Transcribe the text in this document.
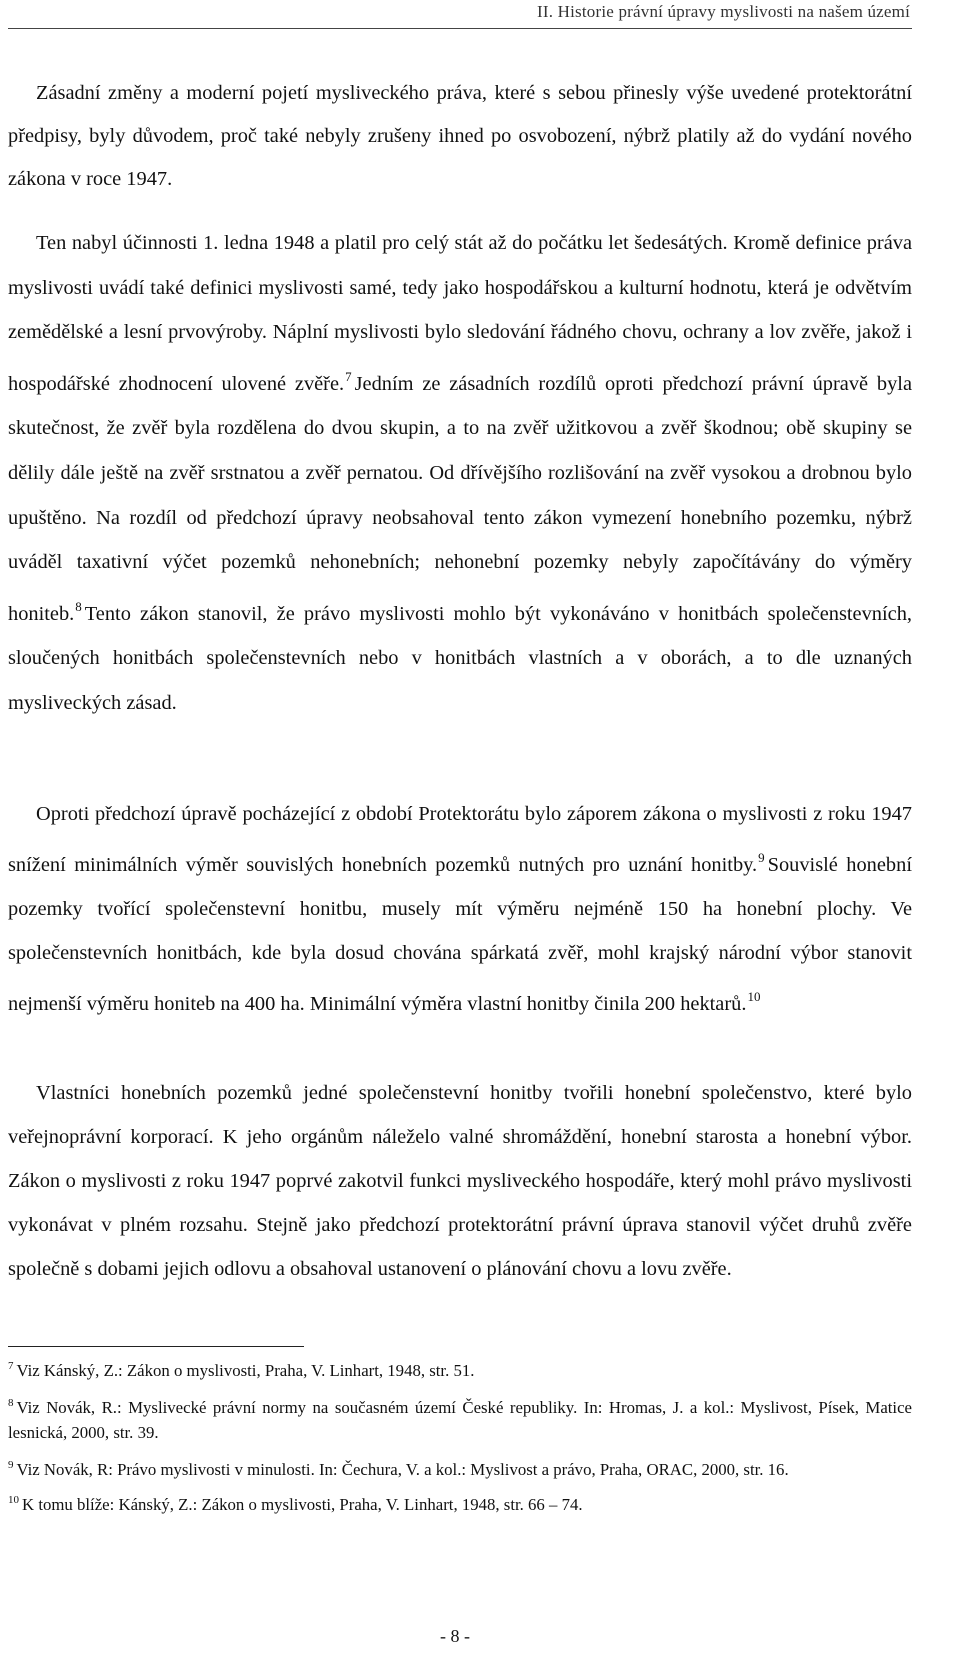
II. Historie právní úpravy myslivosti na našem území

Zásadní změny a moderní pojetí mysliveckého práva, které s sebou přinesly výše uvedené protektorátní předpisy, byly důvodem, proč také nebyly zrušeny ihned po osvobození, nýbrž platily až do vydání nového zákona v roce 1947.

Ten nabyl účinnosti 1. ledna 1948 a platil pro celý stát až do počátku let šedesátých. Kromě definice práva myslivosti uvádí také definici myslivosti samé, tedy jako hospodářskou a kulturní hodnotu, která je odvětvím zemědělské a lesní prvovýroby. Náplní myslivosti bylo sledování řádného chovu, ochrany a lov zvěře, jakož i hospodářské zhodnocení ulovené zvěře.$^7$ Jedním ze zásadních rozdílů oproti předchozí právní úpravě byla skutečnost, že zvěř byla rozdělena do dvou skupin, a to na zvěř užitkovou a zvěř škodnou; obě skupiny se dělily dále ještě na zvěř srstnatou a zvěř pernatou. Od dřívějšího rozlišování na zvěř vysokou a drobnou bylo upuštěno. Na rozdíl od předchozí úpravy neobsahoval tento zákon vymezení honebního pozemku, nýbrž uváděl taxativní výčet pozemků nehonebních; nehonební pozemky nebyly započítávány do výměry honiteb.$^8$ Tento zákon stanovil, že právo myslivosti mohlo být vykonáváno v honitbách společenstevních, sloučených honitbách společenstevních nebo v honitbách vlastních a v oborách, a to dle uznaných mysliveckých zásad.

Oproti předchozí úpravě pocházející z období Protektorátu bylo záporem zákona o myslivosti z roku 1947 snížení minimálních výměr souvislých honebních pozemků nutných pro uznání honitby.$^9$ Souvislé honební pozemky tvořící společenstevní honitbu, musely mít výměru nejméně 150 ha honební plochy. Ve společenstevních honitbách, kde byla dosud chována spárkatá zvěř, mohl krajský národní výbor stanovit nejmenší výměru honiteb na 400 ha. Minimální výměra vlastní honitby činila 200 hektarů.$^{10}$

Vlastníci honebních pozemků jedné společenstevní honitby tvořili honební společenstvo, které bylo veřejnoprávní korporací. K jeho orgánům náleželo valné shromáždění, honební starosta a honební výbor. Zákon o myslivosti z roku 1947 poprvé zakotvil funkci mysliveckého hospodáře, který mohl právo myslivosti vykonávat v plném rozsahu. Stejně jako předchozí protektorátní právní úprava stanovil výčet druhů zvěře společně s dobami jejich odlovu a obsahoval ustanovení o plánování chovu a lovu zvěře.

$^7$ Viz Kánský, Z.: Zákon o myslivosti, Praha, V. Linhart, 1948, str. 51.

$^8$ Viz Novák, R.: Myslivecké právní normy na současném území České republiky. In: Hromas, J. a kol.: Myslivost, Písek, Matice lesnická, 2000, str. 39.

$^9$ Viz Novák, R: Právo myslivosti v minulosti. In: Čechura, V. a kol.: Myslivost a právo, Praha, ORAC, 2000, str. 16.

$^{10}$ K tomu blíže: Kánský, Z.: Zákon o myslivosti, Praha, V. Linhart, 1948, str. 66 – 74.

- 8 -
